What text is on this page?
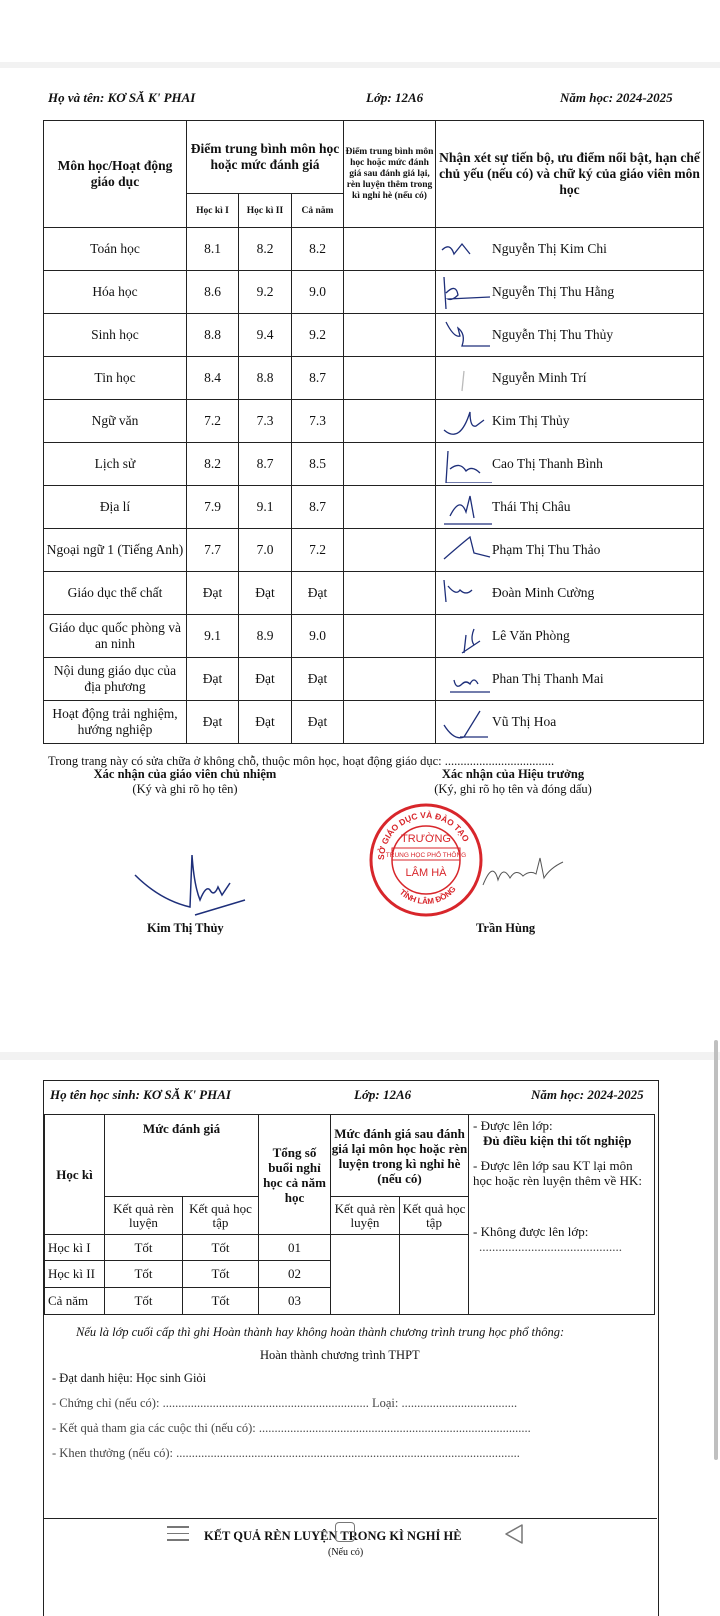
Họ và tên: KƠ SĂ K' PHAI	Lớp: 12A6	Năm học: 2024-2025
Môn học/Hoạt động giáo dục	Điểm trung bình môn học hoặc mức đánh giá			Điểm trung bình môn học hoặc mức đánh giá sau đánh giá lại, rèn luyện thêm trong kì nghỉ hè (nếu có)	Nhận xét sự tiến bộ, ưu điểm nổi bật, hạn chế chủ yếu (nếu có) và chữ ký của giáo viên môn học
	Học kì I	Học kì II	Cả năm		
Toán học	8.1	8.2	8.2		Nguyễn Thị Kim Chi

Hóa học	8.6	9.2	9.0		Nguyễn Thị Thu Hằng

Sinh học	8.8	9.4	9.2		Nguyễn Thị Thu Thủy

Tin học	8.4	8.8	8.7		Nguyễn Minh Trí

Ngữ văn	7.2	7.3	7.3		Kim Thị Thủy

Lịch sử	8.2	8.7	8.5		Cao Thị Thanh Bình

Địa lí	7.9	9.1	8.7		Thái Thị Châu

Ngoại ngữ 1 (Tiếng Anh)	7.7	7.0	7.2		Phạm Thị Thu Thảo

Giáo dục thể chất	Đạt	Đạt	Đạt		Đoàn Minh Cường

Giáo dục quốc phòng và an ninh	9.1	8.9	9.0		Lê Văn Phòng

Nội dung giáo dục của địa phương	Đạt	Đạt	Đạt		Phan Thị Thanh Mai

Hoạt động trải nghiệm, hướng nghiệp	Đạt	Đạt	Đạt		Vũ Thị Hoa
Trong trang này có sửa chữa ở không chỗ, thuộc môn học, hoạt động giáo dục: ...................................
Xác nhận của giáo viên chủ nhiệm
(Ký và ghi rõ họ tên)
Xác nhận của Hiệu trưởng
(Ký, ghi rõ họ tên và đóng dấu)
Kim Thị Thủy
SỞ GIÁO DỤC VÀ ĐÀO TẠO
TỈNH LÂM ĐỒNG
TRƯỜNG
TRUNG HỌC PHỔ THÔNG
LÂM HÀ
Trần Hùng
Họ tên học sinh: KƠ SĂ K' PHAI	Lớp: 12A6	Năm học: 2024-2025
Học kì	Mức đánh giá		Tổng số buổi nghỉ học cả năm học	Mức đánh giá sau đánh giá lại môn học hoặc rèn luyện trong kì nghỉ hè (nếu có)		- Được lên lớp:
Đủ điều kiện thi tốt nghiệp
- Được lên lớp sau KT lại môn học hoặc rèn luyện thêm về HK:
- Không được lên lớp:
............................................

	Kết quả rèn luyện	Kết quả học tập		Kết quả rèn luyện	Kết quả học tập	
Học kì I	Tốt	Tốt	01			
Học kì II	Tốt	Tốt	02			
Cả năm	Tốt	Tốt	03			
Nếu là lớp cuối cấp thì ghi Hoàn thành hay không hoàn thành chương trình trung học phổ thông:
Hoàn thành chương trình THPT
- Đạt danh hiệu: Học sinh Giỏi
- Chứng chỉ (nếu có): .................................................................. Loại: .....................................
- Kết quả tham gia các cuộc thi (nếu có): .......................................................................................
- Khen thưởng (nếu có): ..............................................................................................................
KẾT QUẢ RÈN LUYỆN TRONG KÌ NGHỈ HÈ
(Nếu có)
